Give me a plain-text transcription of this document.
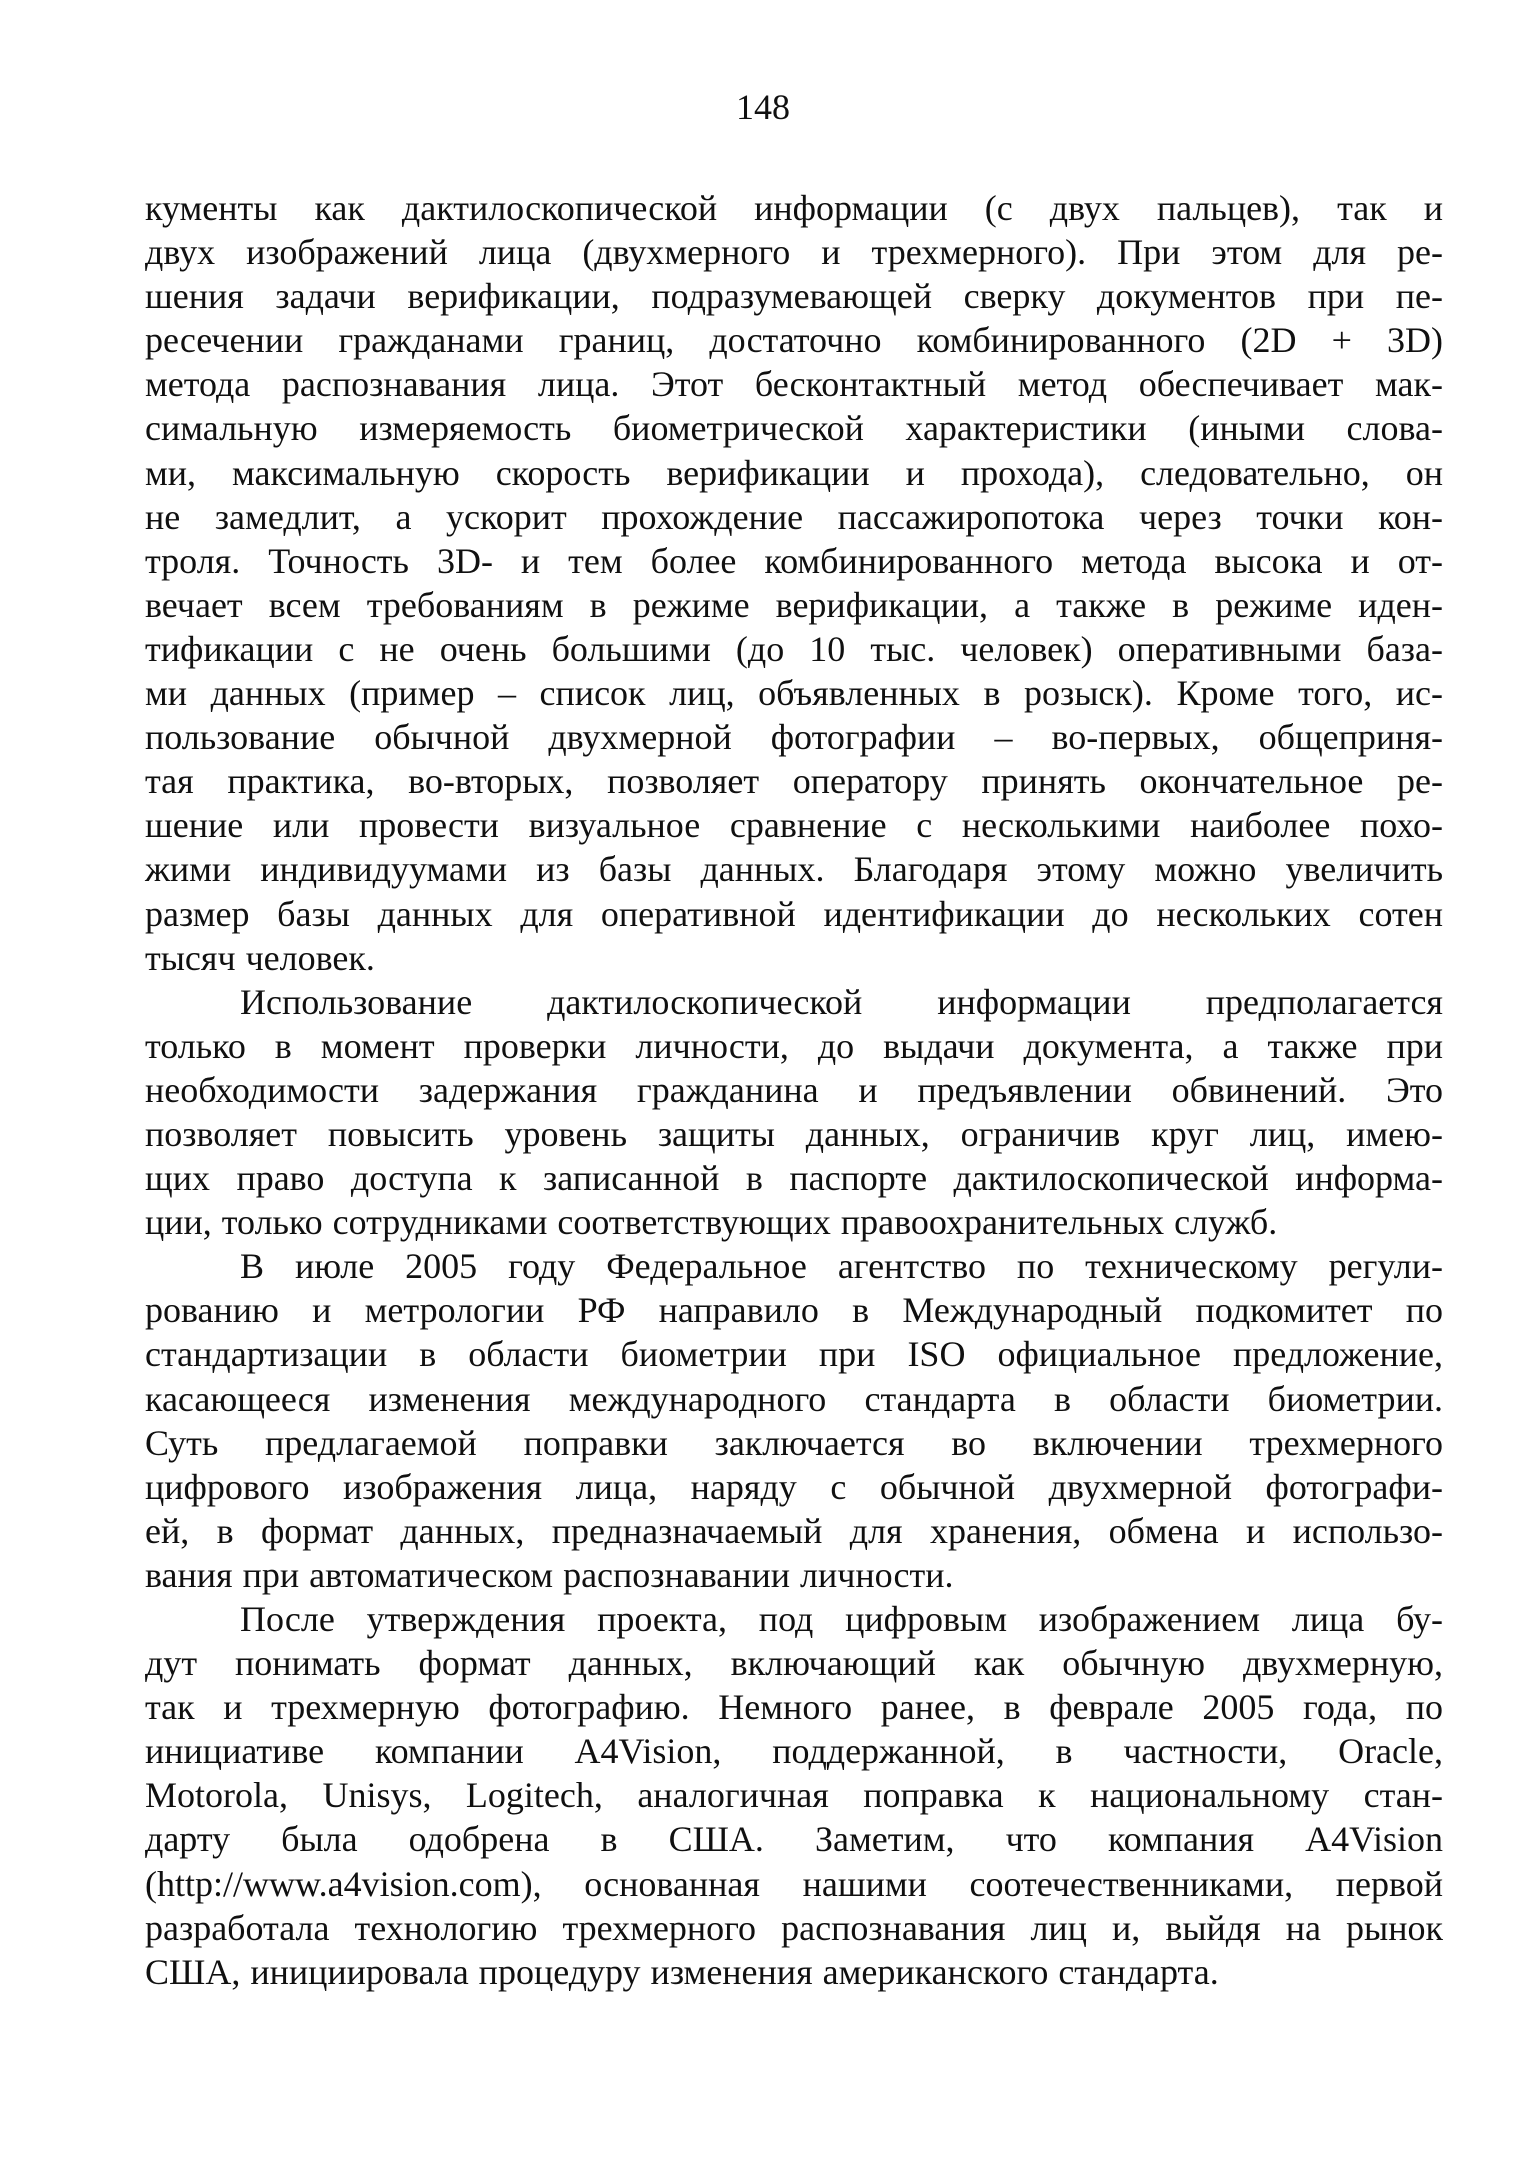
148
кументы как дактилоскопической информации (с двух пальцев), так и
двух изображений лица (двухмерного и трехмерного). При этом для ре-
шения задачи верификации, подразумевающей сверку документов при пе-
ресечении гражданами границ, достаточно комбинированного (2D + 3D)
метода распознавания лица. Этот бесконтактный метод обеспечивает мак-
симальную измеряемость биометрической характеристики (иными слова-
ми, максимальную скорость верификации и прохода), следовательно, он
не замедлит, а ускорит прохождение пассажиропотока через точки кон-
троля. Точность 3D- и тем более комбинированного метода высока и от-
вечает всем требованиям в режиме верификации, а также в режиме иден-
тификации с не очень большими (до 10 тыс. человек) оперативными база-
ми данных (пример – список лиц, объявленных в розыск). Кроме того, ис-
пользование обычной двухмерной фотографии – во-первых, общеприня-
тая практика, во-вторых, позволяет оператору принять окончательное ре-
шение или провести визуальное сравнение с несколькими наиболее похо-
жими индивидуумами из базы данных. Благодаря этому можно увеличить
размер базы данных для оперативной идентификации до нескольких сотен
тысяч человек.
Использование дактилоскопической информации предполагается
только в момент проверки личности, до выдачи документа, а также при
необходимости задержания гражданина и предъявлении обвинений. Это
позволяет повысить уровень защиты данных, ограничив круг лиц, имею-
щих право доступа к записанной в паспорте дактилоскопической информа-
ции, только сотрудниками соответствующих правоохранительных служб.
В июле 2005 году Федеральное агентство по техническому регули-
рованию и метрологии РФ направило в Международный подкомитет по
стандартизации в области биометрии при ISO официальное предложение,
касающееся изменения международного стандарта в области биометрии.
Суть предлагаемой поправки заключается во включении трехмерного
цифрового изображения лица, наряду с обычной двухмерной фотографи-
ей, в формат данных, предназначаемый для хранения, обмена и использо-
вания при автоматическом распознавании личности.
После утверждения проекта, под цифровым изображением лица бу-
дут понимать формат данных, включающий как обычную двухмерную,
так и трехмерную фотографию. Немного ранее, в феврале 2005 года, по
инициативе компании A4Vision, поддержанной, в частности, Oracle,
Motorola, Unisys, Logitech, аналогичная поправка к национальному стан-
дарту была одобрена в США. Заметим, что компания A4Vision
(http://www.a4vision.com), основанная нашими соотечественниками, первой
разработала технологию трехмерного распознавания лиц и, выйдя на рынок
США, инициировала процедуру изменения американского стандарта.
